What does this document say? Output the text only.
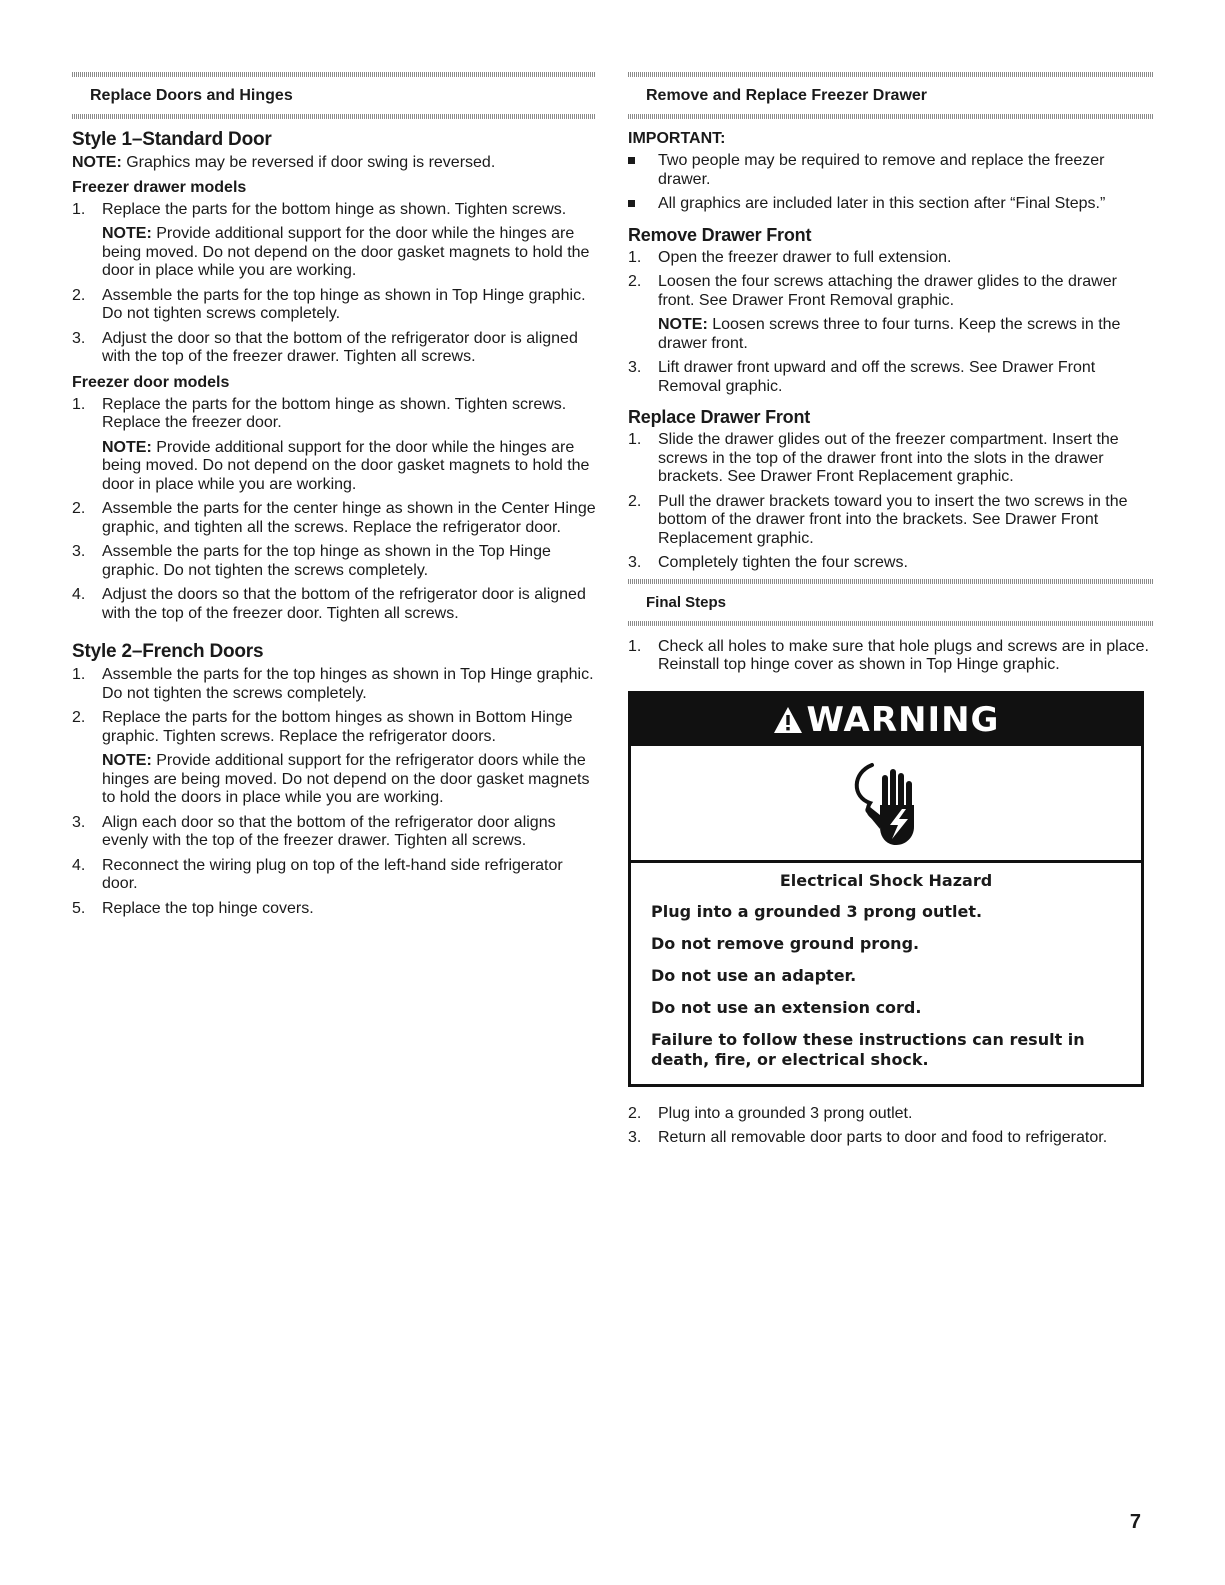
Replace Doors and Hinges
Style 1–Standard Door
NOTE: Graphics may be reversed if door swing is reversed.
Freezer drawer models
1. Replace the parts for the bottom hinge as shown. Tighten screws.
NOTE: Provide additional support for the door while the hinges are being moved. Do not depend on the door gasket magnets to hold the door in place while you are working.
2. Assemble the parts for the top hinge as shown in Top Hinge graphic. Do not tighten screws completely.
3. Adjust the door so that the bottom of the refrigerator door is aligned with the top of the freezer drawer. Tighten all screws.
Freezer door models
1. Replace the parts for the bottom hinge as shown. Tighten screws. Replace the freezer door.
NOTE: Provide additional support for the door while the hinges are being moved. Do not depend on the door gasket magnets to hold the door in place while you are working.
2. Assemble the parts for the center hinge as shown in the Center Hinge graphic, and tighten all the screws. Replace the refrigerator door.
3. Assemble the parts for the top hinge as shown in the Top Hinge graphic. Do not tighten the screws completely.
4. Adjust the doors so that the bottom of the refrigerator door is aligned with the top of the freezer door. Tighten all screws.
Style 2–French Doors
1. Assemble the parts for the top hinges as shown in Top Hinge graphic. Do not tighten the screws completely.
2. Replace the parts for the bottom hinges as shown in Bottom Hinge graphic. Tighten screws. Replace the refrigerator doors.
NOTE: Provide additional support for the refrigerator doors while the hinges are being moved. Do not depend on the door gasket magnets to hold the doors in place while you are working.
3. Align each door so that the bottom of the refrigerator door aligns evenly with the top of the freezer drawer. Tighten all screws.
4. Reconnect the wiring plug on top of the left-hand side refrigerator door.
5. Replace the top hinge covers.
Remove and Replace Freezer Drawer
IMPORTANT:
Two people may be required to remove and replace the freezer drawer.
All graphics are included later in this section after “Final Steps.”
Remove Drawer Front
1. Open the freezer drawer to full extension.
2. Loosen the four screws attaching the drawer glides to the drawer front. See Drawer Front Removal graphic.
NOTE: Loosen screws three to four turns. Keep the screws in the drawer front.
3. Lift drawer front upward and off the screws. See Drawer Front Removal graphic.
Replace Drawer Front
1. Slide the drawer glides out of the freezer compartment. Insert the screws in the top of the drawer front into the slots in the drawer brackets. See Drawer Front Replacement graphic.
2. Pull the drawer brackets toward you to insert the two screws in the bottom of the drawer front into the brackets. See Drawer Front Replacement graphic.
3. Completely tighten the four screws.
Final Steps
1. Check all holes to make sure that hole plugs and screws are in place. Reinstall top hinge cover as shown in Top Hinge graphic.
WARNING
Electrical Shock Hazard
Plug into a grounded 3 prong outlet.
Do not remove ground prong.
Do not use an adapter.
Do not use an extension cord.
Failure to follow these instructions can result in death, fire, or electrical shock.
2. Plug into a grounded 3 prong outlet.
3. Return all removable door parts to door and food to refrigerator.
7
